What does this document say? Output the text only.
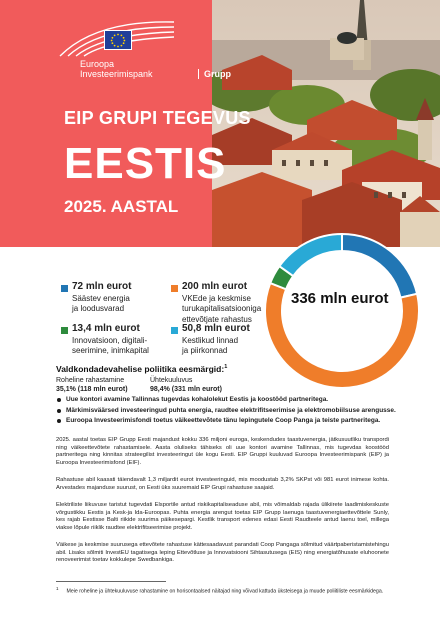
Euroopa
Investeerimispank	Grupp
EIP GRUPI TEGEVUS
EESTIS
2025. AASTAL
72 mln eurot
Säästev energia
ja loodusvarad
200 mln eurot
VKEde ja keskmise
turukapitalisatsiooniga
ettevõtjate rahastus
13,4 mln eurot
Innovatsioon, digitali-
seerimine, inimkapital
50,8 mln eurot
Kestlikud linnad
ja piirkonnad
336 mln eurot
Valdkondadevahelise poliitika eesmärgid:$^1$
Roheline rahastamine
35,1% (118 mln eurot)
Ühtekuuluvus
98,4% (331 mln eurot)
Uue kontori avamine Tallinnas tugevdas kohalolekut Eestis ja koostööd partneritega.
Märkimisväärsed investeeringud puhta energia, raudtee elektrifitseerimise ja elektromobiilsuse arengusse.
Euroopa Investeerimisfondi toetus väikeettevõtete tänu lepingutele Coop Panga ja teiste partneritega.

2025. aastal toetas EIP Grupp Eesti majandust kokku 336 miljoni euroga, keskendudes taastuvenergia, jätkusuutliku transpordi ning väikeettevõtete rahastamisele. Aasta oluliseks tähiseks oli uue kontori avamine Tallinnas, mis tugevdas koostööd partneritega ning kinnitas strateegilist investeeringut üle kogu Eesti. EIP Gruppi kuuluvad Euroopa Investeerimispank (EIP) ja Euroopa Investeerimisfond (EIF).

Rahastuse abil kaasati täiendavalt 1,3 miljardit eurot investeeringuid, mis moodustab 3,2% SKPst või 981 eurot inimese kohta. Arvestades majanduse suurust, on Eesti üks suuremaid EIP Grupi rahastuse saajaid.

Elektriliste liikuvuse taristut tugevdati Elsportile antud riskikapitaliseaduse abil, mis võimaldab rajada ülikiirete laadimiskeskuste võrgustikku Eestis ja Kesk-ja Ida-Euroopas. Puhta energia arengut toetas EIP Grupp laenuga taastuvenergiaettevõttele Sunly, kes rajab Eestisse Balti riikide suurima päikesepargi. Kestlik transport edenes edasi Eesti Raudteele antud laenu toel, millega viakse lõpule riiklik raudtee elektrifitseerimise projekt.

Väikese ja keskmise suurusega ettevõtete rahastuse kättesaadavust parandati Coop Pangaga sõlmitud väärtpaberistamistehingu abil. Lisaks sõlmiti InvestEU tagatisega leping Ettevõtluse ja Innovatsiooni Sihtasutusega (EIS) ning energiatõhusate eluhoonete renoveerimist toetav kokkulepe Swedbankiga.

$^1$Meie roheline ja ühtekuuluvuse rahastamine on horisontaalsed näitajad ning võivad kattuda üksteisega ja muude poliitiliste eesmärkidega.
